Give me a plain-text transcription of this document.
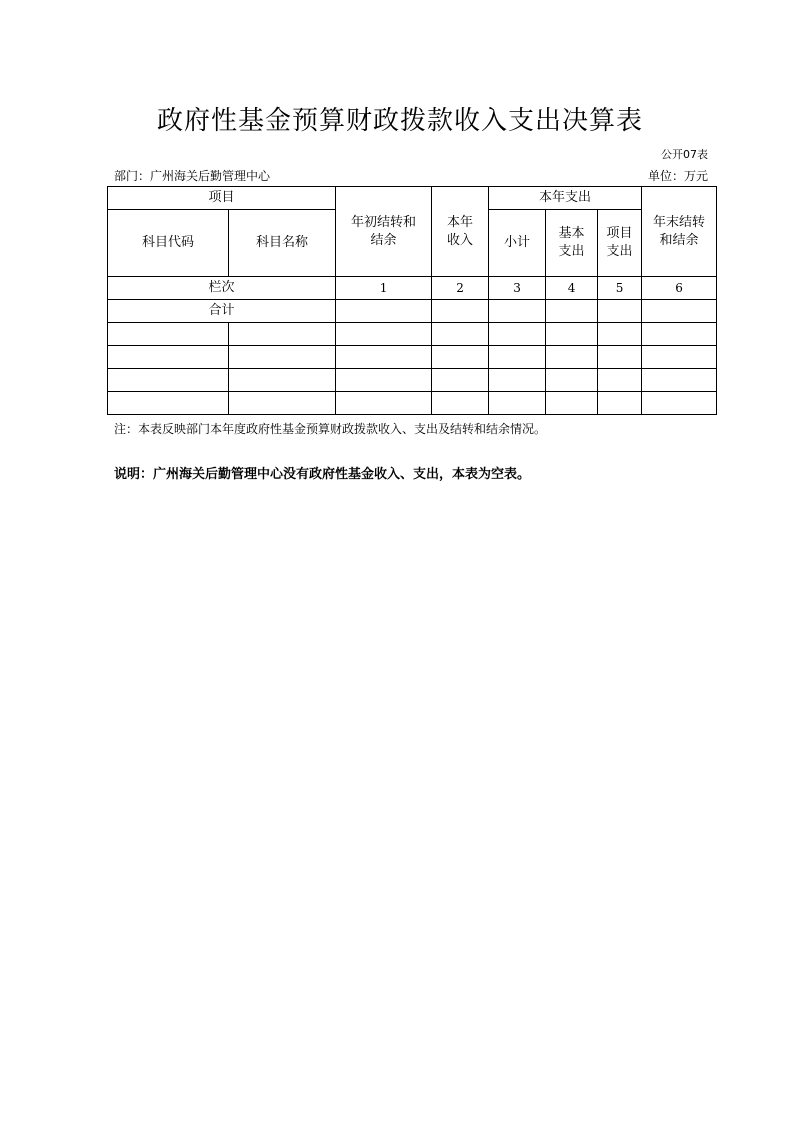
政府性基金预算财政拨款收入支出决算表
公开07表
部门：广州海关后勤管理中心	单位：万元
项目		年初结转和结余	本年收入	本年支出			年末结转和结余
科目代码	科目名称			小计	基本支出	项目支出	
栏次		1	2	3	4	5	6
合计							

注：本表反映部门本年度政府性基金预算财政拨款收入、支出及结转和结余情况。
说明：广州海关后勤管理中心没有政府性基金收入、支出，本表为空表。
